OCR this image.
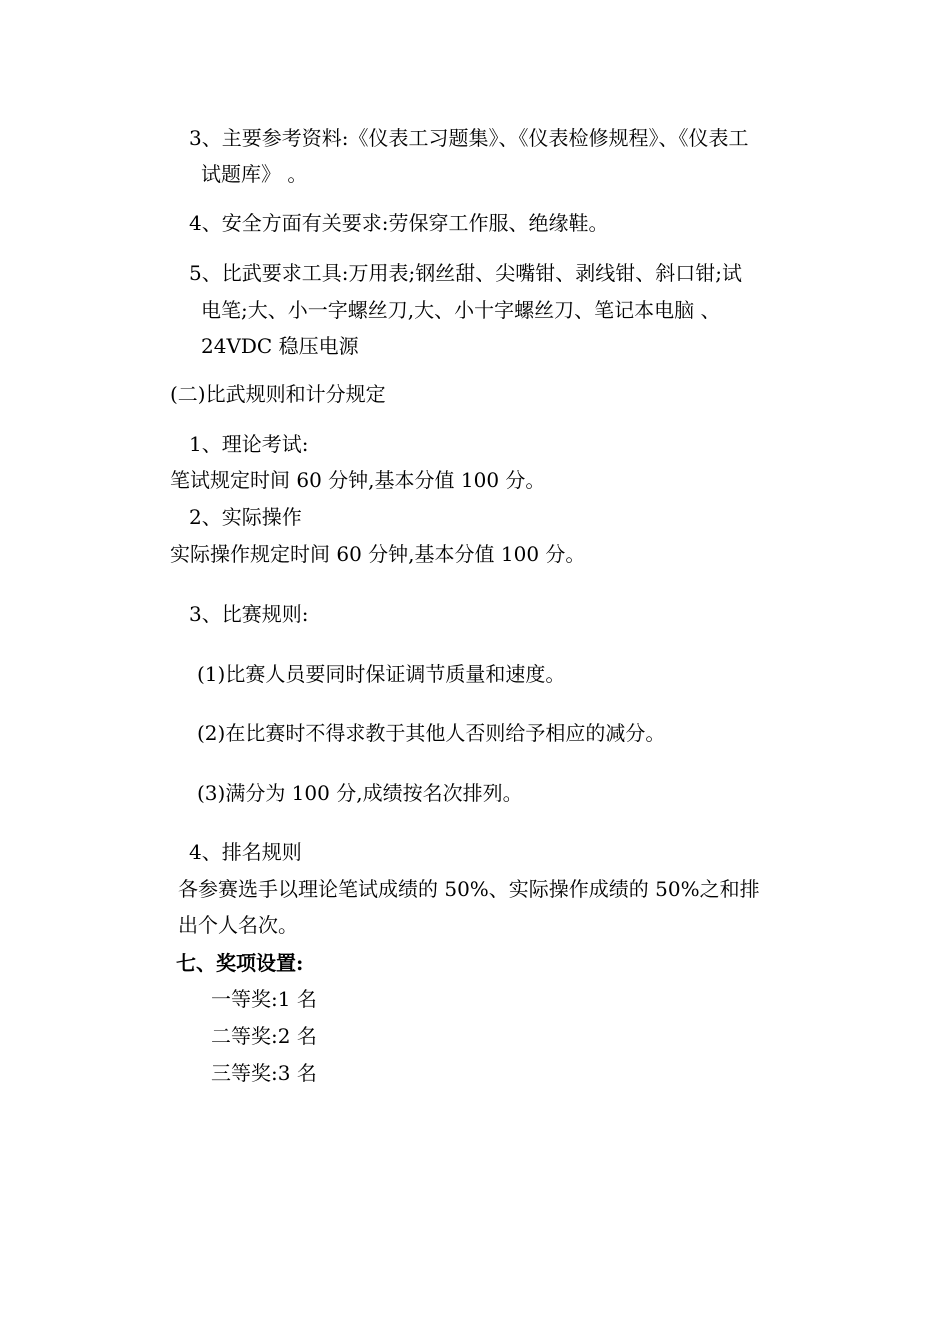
3、主要参考资料:《仪表工习题集》、《仪表检修规程》、《仪表工
试题库》 。
4、安全方面有关要求:劳保穿工作服、绝缘鞋。
5、比武要求工具:万用表;钢丝甜、尖嘴钳、剥线钳、斜口钳;试
电笔;大、小一字螺丝刀,大、小十字螺丝刀、笔记本电脑 、
24VDC 稳压电源
(二)比武规则和计分规定
1、理论考试:
笔试规定时间 60 分钟,基本分值 100 分。
2、实际操作
实际操作规定时间 60 分钟,基本分值 100 分。
3、比赛规则:
(1)比赛人员要同时保证调节质量和速度。
(2)在比赛时不得求教于其他人否则给予相应的减分。
(3)满分为 100 分,成绩按名次排列。
4、排名规则
各参赛选手以理论笔试成绩的 50%、实际操作成绩的 50%之和排
出个人名次。
七、奖项设置:
一等奖:1 名
二等奖:2 名
三等奖:3 名
